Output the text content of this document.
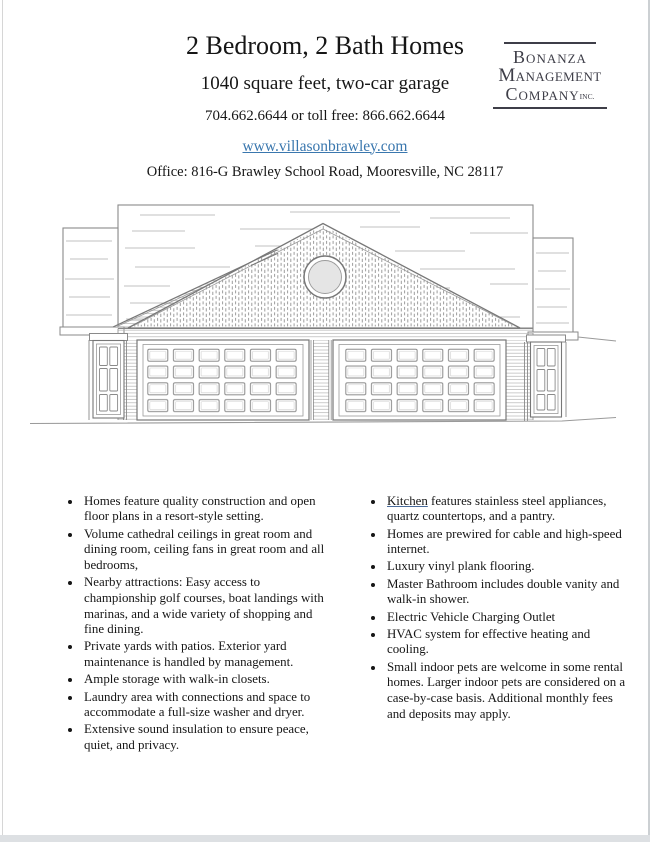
2 Bedroom, 2 Bath Homes
1040 square feet, two-car garage
704.662.6644 or toll free: 866.662.6644
www.villasonbrawley.com
Office: 816-G Brawley School Road, Mooresville, NC 28117
Bonanza
Management
CompanyINC.
• Homes feature quality construction and open floor plans in a resort-style setting.
• Volume cathedral ceilings in great room and dining room, ceiling fans in great room and all bedrooms,
• Nearby attractions: Easy access to championship golf courses, boat landings with marinas, and a wide variety of shopping and fine dining.
• Private yards with patios. Exterior yard maintenance is handled by management.
• Ample storage with walk-in closets.
• Laundry area with connections and space to accommodate a full-size washer and dryer.
• Extensive sound insulation to ensure peace, quiet, and privacy.
• Kitchen features stainless steel appliances, quartz countertops, and a pantry.
• Homes are prewired for cable and high-speed internet.
• Luxury vinyl plank flooring.
• Master Bathroom includes double vanity and walk-in shower.
• Electric Vehicle Charging Outlet
• HVAC system for effective heating and cooling.
• Small indoor pets are welcome in some rental homes. Larger indoor pets are considered on a case-by-case basis. Additional monthly fees and deposits may apply.
